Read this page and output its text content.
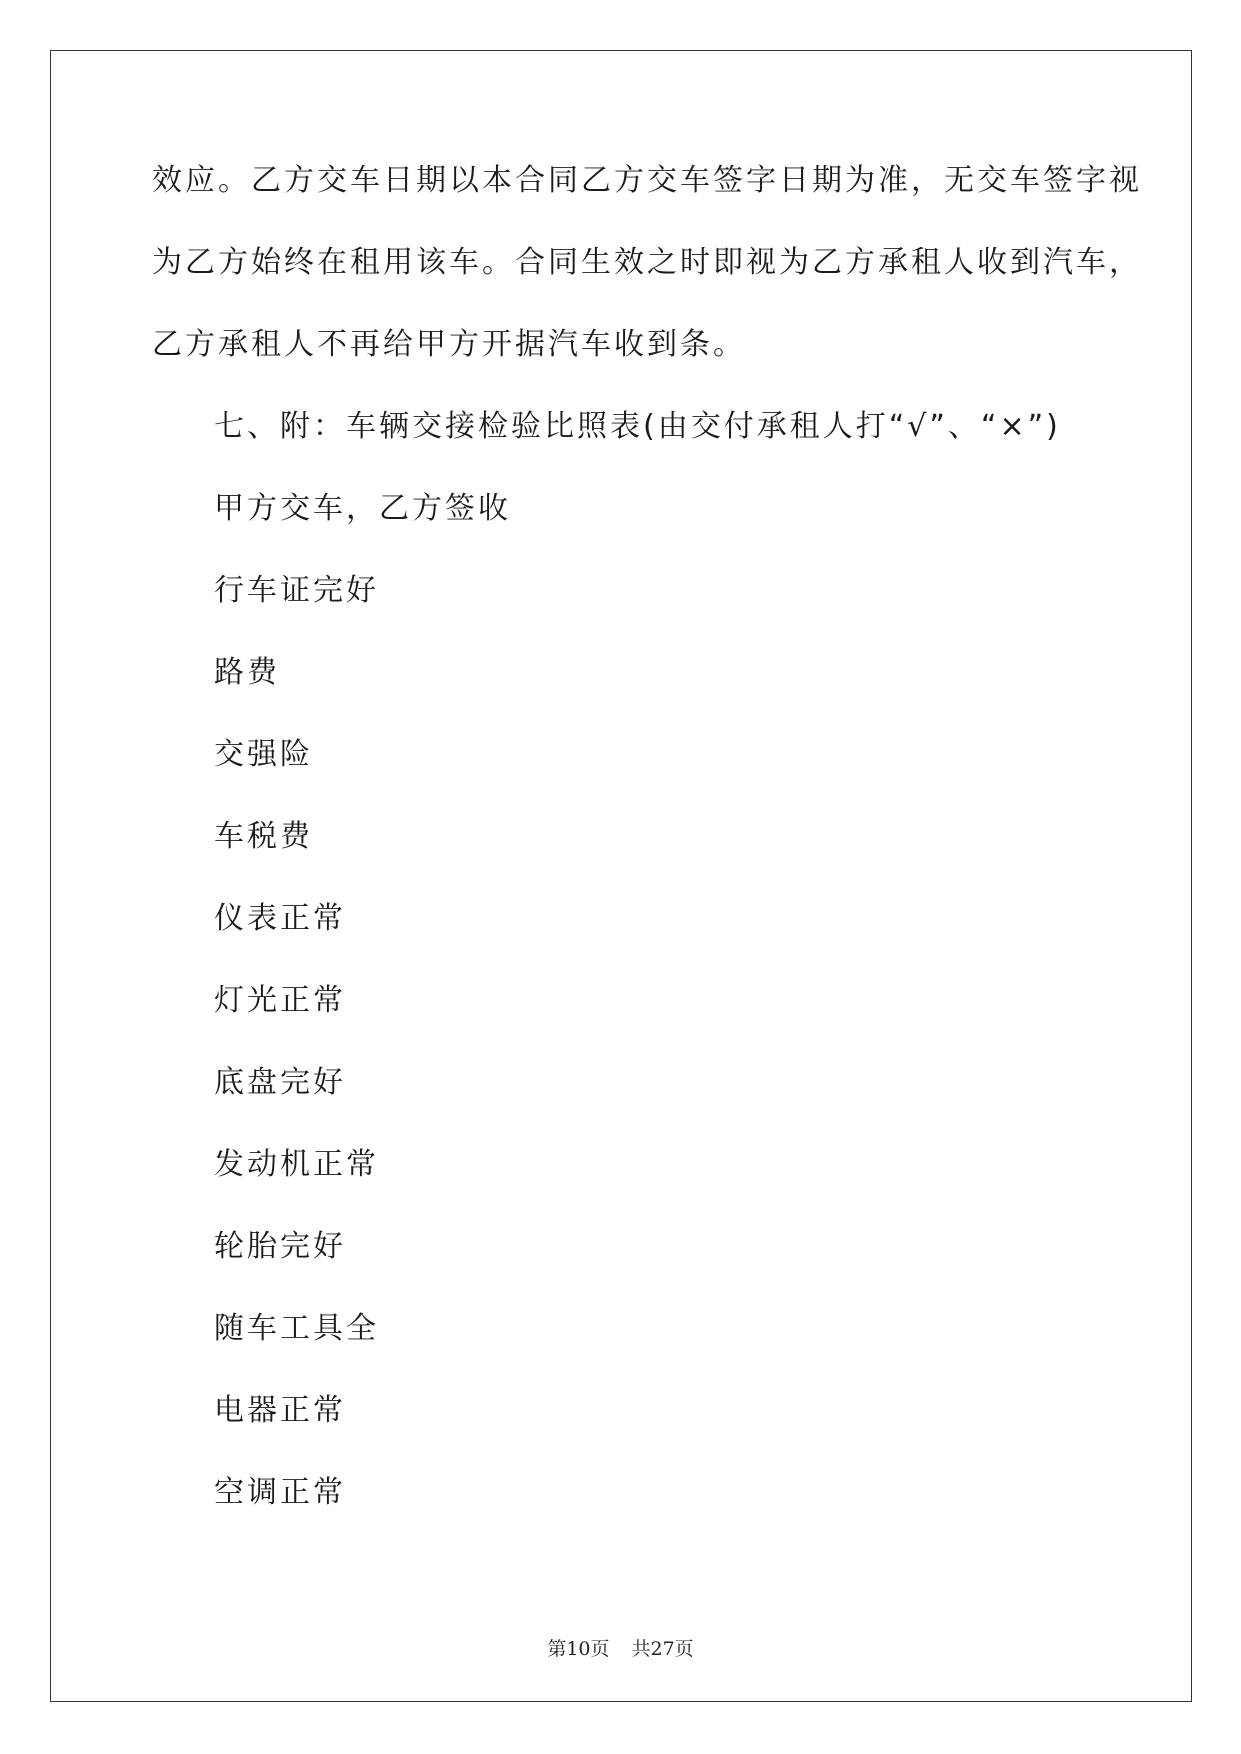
效应。乙方交车日期以本合同乙方交车签字日期为准，无交车签字视
为乙方始终在租用该车。合同生效之时即视为乙方承租人收到汽车，
乙方承租人不再给甲方开据汽车收到条。
七、附：车辆交接检验比照表(由交付承租人打“√”、“×”)
甲方交车，乙方签收
行车证完好
路费
交强险
车税费
仪表正常
灯光正常
底盘完好
发动机正常
轮胎完好
随车工具全
电器正常
空调正常
第10页 共27页
